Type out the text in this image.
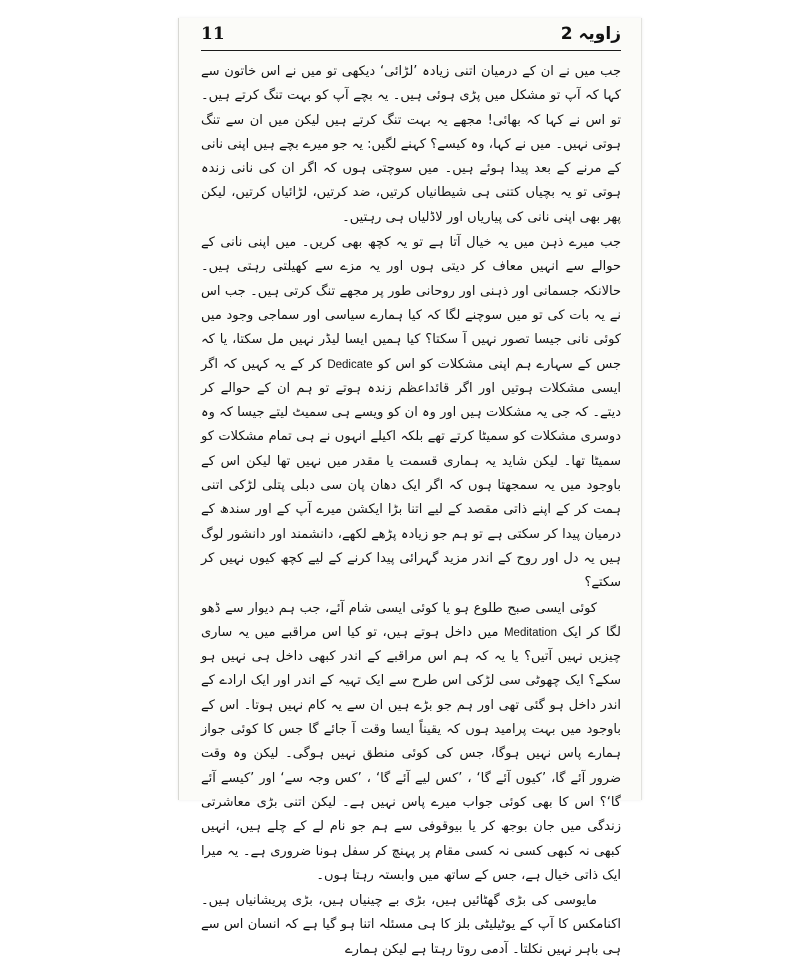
11	زاویہ 2

جب میں نے ان کے درمیان اتنی زیادہ ’لڑائی‘ دیکھی تو میں نے اس خاتون سے کہا کہ آپ تو مشکل میں پڑی ہوئی ہیں۔ یہ بچے آپ کو بہت تنگ کرتے ہیں۔ تو اس نے کہا کہ بھائی! مجھے یہ بہت تنگ کرتے ہیں لیکن میں ان سے تنگ ہوتی نہیں۔ میں نے کہا، وہ کیسے؟ کہنے لگیں: یہ جو میرے بچے ہیں اپنی نانی کے مرنے کے بعد پیدا ہوئے ہیں۔ میں سوچتی ہوں کہ اگر ان کی نانی زندہ ہوتی تو یہ بچیاں کتنی ہی شیطانیاں کرتیں، ضد کرتیں، لڑائیاں کرتیں، لیکن پھر بھی اپنی نانی کی پیاریاں اور لاڈلیاں ہی رہتیں۔

جب میرے ذہن میں یہ خیال آتا ہے تو یہ کچھ بھی کریں۔ میں اپنی نانی کے حوالے سے انہیں معاف کر دیتی ہوں اور یہ مزے سے کھیلتی رہتی ہیں۔ حالانکہ جسمانی اور ذہنی اور روحانی طور پر مجھے تنگ کرتی ہیں۔ جب اس نے یہ بات کی تو میں سوچنے لگا کہ کیا ہمارے سیاسی اور سماجی وجود میں کوئی نانی جیسا تصور نہیں آ سکتا؟ کیا ہمیں ایسا لیڈر نہیں مل سکتا، یا کہ جس کے سہارے ہم اپنی مشکلات کو اس کو Dedicate کر کے یہ کہیں کہ اگر ایسی مشکلات ہوتیں اور اگر قائداعظم زندہ ہوتے تو ہم ان کے حوالے کر دیتے۔ کہ جی یہ مشکلات ہیں اور وہ ان کو ویسے ہی سمیٹ لیتے جیسا کہ وہ دوسری مشکلات کو سمیٹا کرتے تھے بلکہ اکیلے انہوں نے ہی تمام مشکلات کو سمیٹا تھا۔ لیکن شاید یہ ہماری قسمت یا مقدر میں نہیں تھا لیکن اس کے باوجود میں یہ سمجھتا ہوں کہ اگر ایک دھان پان سی دبلی پتلی لڑکی اتنی ہمت کر کے اپنے ذاتی مقصد کے لیے اتنا بڑا ایکشن میرے آپ کے اور سندھ کے درمیان پیدا کر سکتی ہے تو ہم جو زیادہ پڑھے لکھے، دانشمند اور دانشور لوگ ہیں یہ دل اور روح کے اندر مزید گہرائی پیدا کرنے کے لیے کچھ کیوں نہیں کر سکتے؟

کوئی ایسی صبح طلوع ہو یا کوئی ایسی شام آئے، جب ہم دیوار سے ڈھو لگا کر ایک Meditation میں داخل ہوتے ہیں، تو کیا اس مراقبے میں یہ ساری چیزیں نہیں آتیں؟ یا یہ کہ ہم اس مراقبے کے اندر کبھی داخل ہی نہیں ہو سکے؟ ایک چھوٹی سی لڑکی اس طرح سے ایک تہیہ کے اندر اور ایک ارادے کے اندر داخل ہو گئی تھی اور ہم جو بڑے ہیں ان سے یہ کام نہیں ہوتا۔ اس کے باوجود میں بہت پرامید ہوں کہ یقیناً ایسا وقت آ جائے گا جس کا کوئی جواز ہمارے پاس نہیں ہوگا، جس کی کوئی منطق نہیں ہوگی۔ لیکن وہ وقت ضرور آئے گا، ’کیوں آئے گا‘ ، ’کس لیے آئے گا‘ ، ’کس وجہ سے‘ اور ’کیسے آئے گا‘؟ اس کا بھی کوئی جواب میرے پاس نہیں ہے۔ لیکن اتنی بڑی معاشرتی زندگی میں جان بوجھ کر یا بیوقوفی سے ہم جو نام لے کے چلے ہیں، انہیں کبھی نہ کبھی کسی نہ کسی مقام پر پہنچ کر سفل ہونا ضروری ہے۔ یہ میرا ایک ذاتی خیال ہے، جس کے ساتھ میں وابستہ رہتا ہوں۔

مایوسی کی بڑی گھٹائیں ہیں، بڑی بے چینیاں ہیں، بڑی پریشانیاں ہیں۔ اکنامکس کا آپ کے یوٹیلیٹی بلز کا ہی مسئلہ اتنا ہو گیا ہے کہ انسان اس سے ہی باہر نہیں نکلتا۔ آدمی روتا رہتا ہے لیکن ہمارے
